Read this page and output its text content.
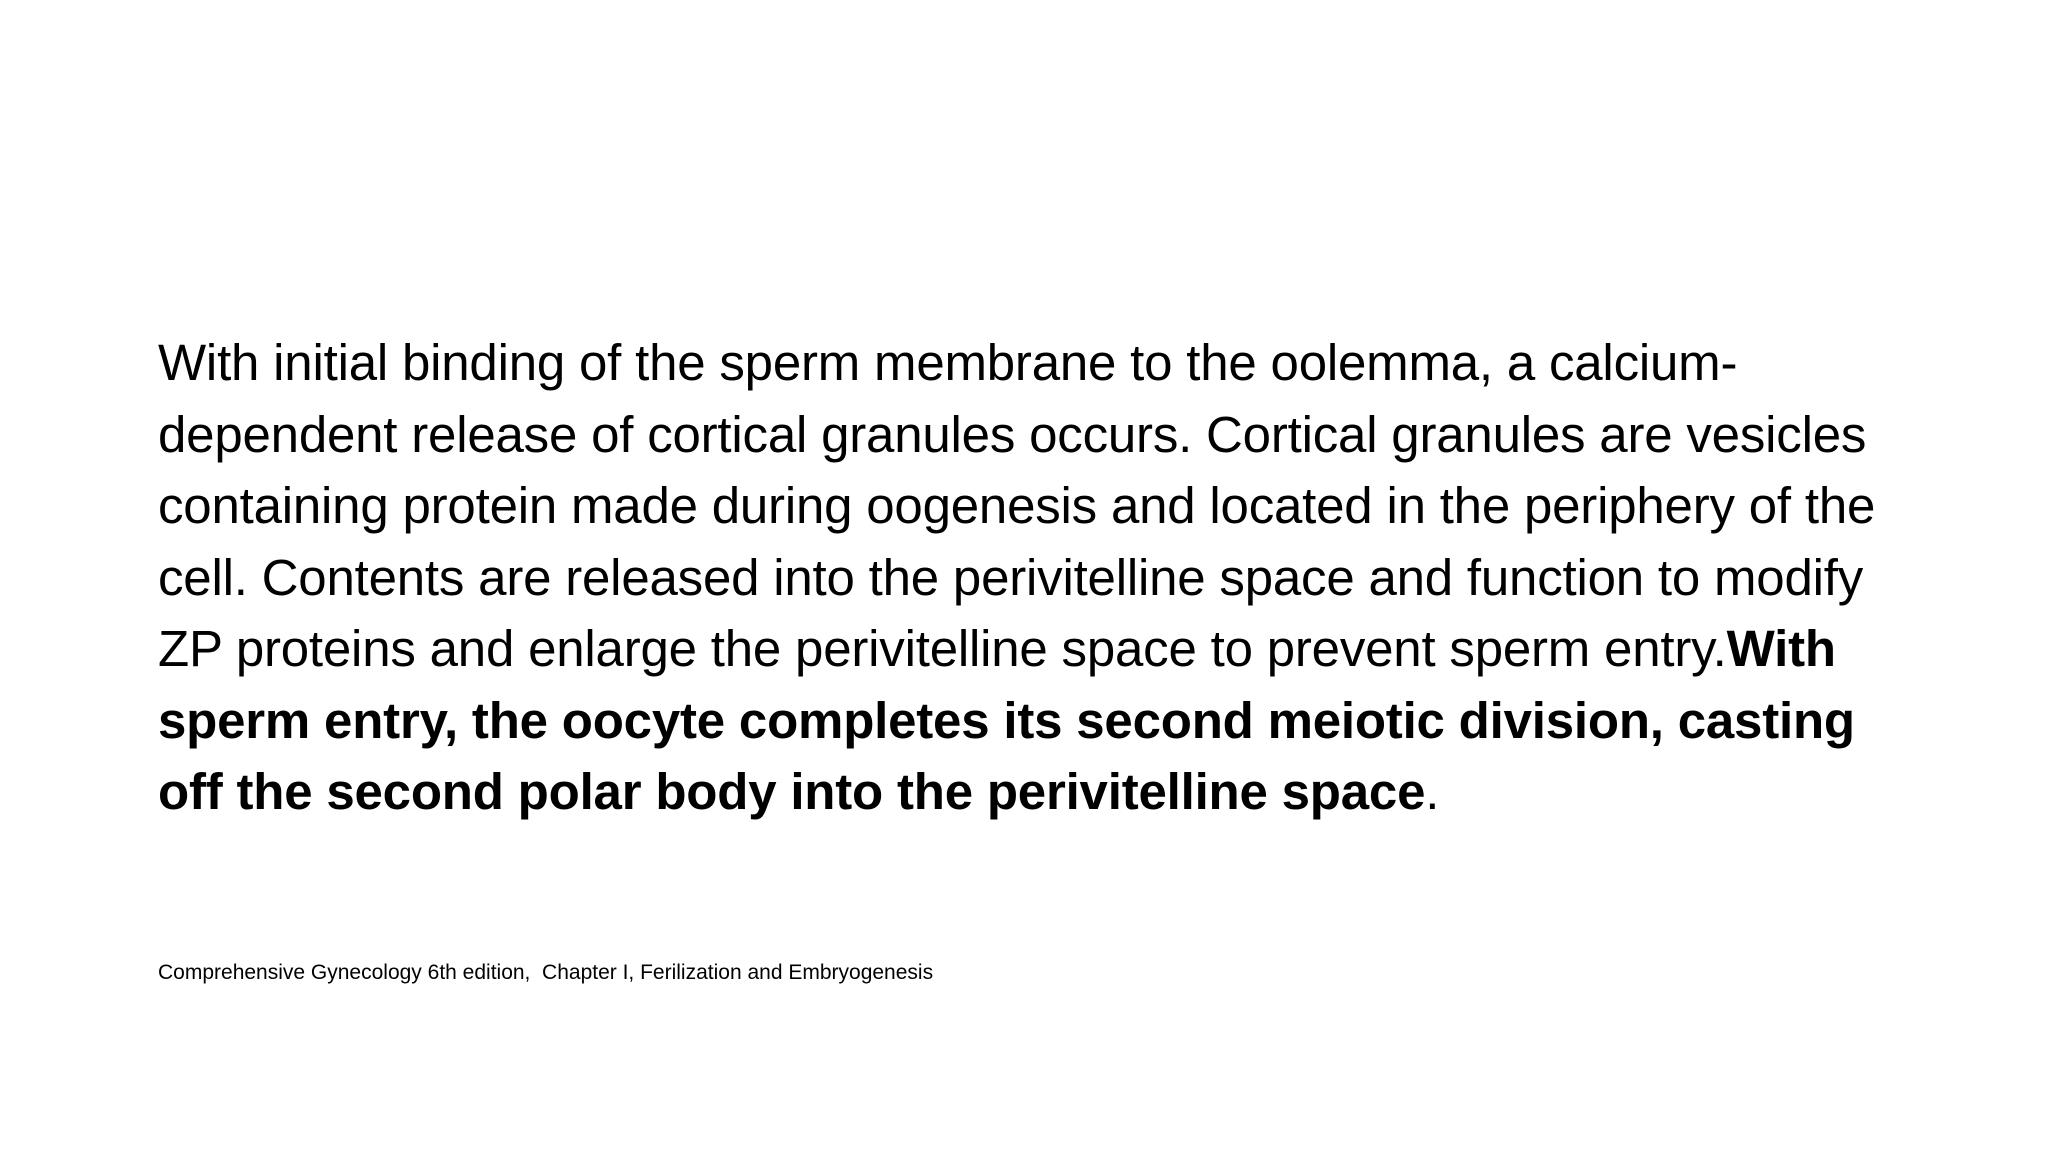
With initial binding of the sperm membrane to the oolemma, a calcium-dependent release of cortical granules occurs. Cortical granules are vesicles containing protein made during oogenesis and located in the periphery of the cell. Contents are released into the perivitelline space and function to modify ZP proteins and enlarge the perivitelline space to prevent sperm entry.With sperm entry, the oocyte completes its second meiotic division, casting off the second polar body into the perivitelline space.

Comprehensive Gynecology 6th edition,  Chapter I, Ferilization and Embryogenesis
